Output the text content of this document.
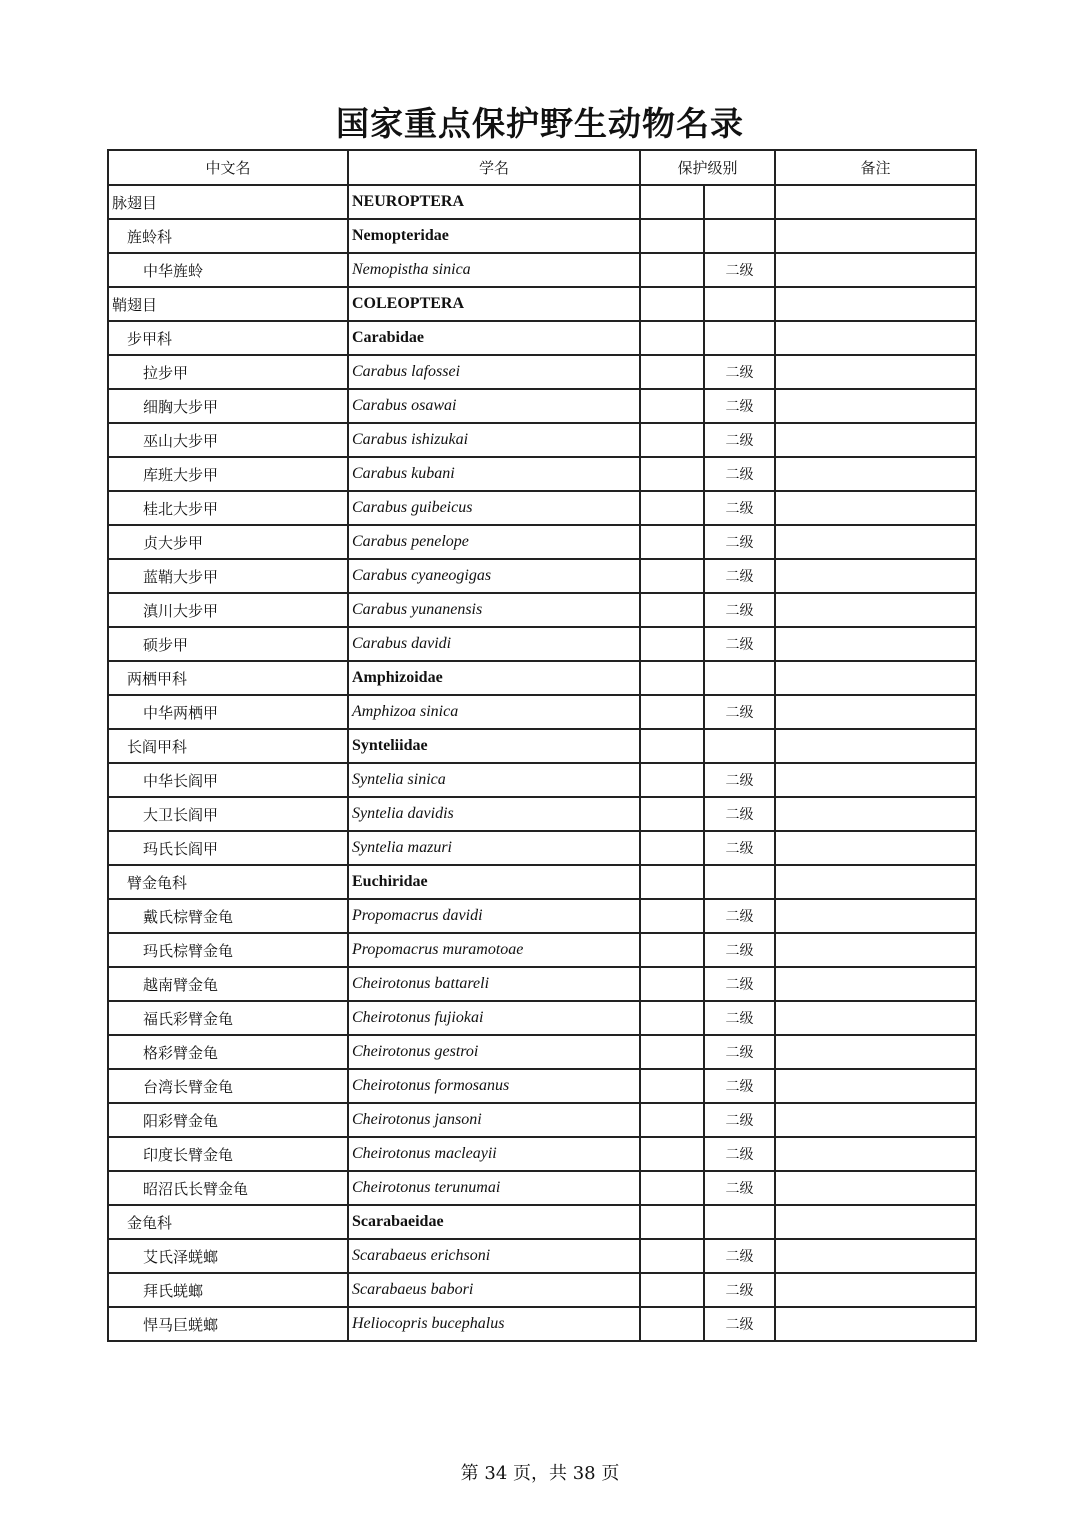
国家重点保护野生动物名录
中文名	学名	保护级别		备注
脉翅目	NEUROPTERA			
旌蛉科	Nemopteridae			
中华旌蛉	Nemopistha sinica		二级	
鞘翅目	COLEOPTERA			
步甲科	Carabidae			
拉步甲	Carabus lafossei		二级	
细胸大步甲	Carabus osawai		二级	
巫山大步甲	Carabus ishizukai		二级	
库班大步甲	Carabus kubani		二级	
桂北大步甲	Carabus guibeicus		二级	
贞大步甲	Carabus penelope		二级	
蓝鞘大步甲	Carabus cyaneogigas		二级	
滇川大步甲	Carabus yunanensis		二级	
硕步甲	Carabus davidi		二级	
两栖甲科	Amphizoidae			
中华两栖甲	Amphizoa sinica		二级	
长阎甲科	Synteliidae			
中华长阎甲	Syntelia sinica		二级	
大卫长阎甲	Syntelia davidis		二级	
玛氏长阎甲	Syntelia mazuri		二级	
臂金龟科	Euchiridae			
戴氏棕臂金龟	Propomacrus davidi		二级	
玛氏棕臂金龟	Propomacrus muramotoae		二级	
越南臂金龟	Cheirotonus battareli		二级	
福氏彩臂金龟	Cheirotonus fujiokai		二级	
格彩臂金龟	Cheirotonus gestroi		二级	
台湾长臂金龟	Cheirotonus formosanus		二级	
阳彩臂金龟	Cheirotonus jansoni		二级	
印度长臂金龟	Cheirotonus macleayii		二级	
昭沼氏长臂金龟	Cheirotonus terunumai		二级	
金龟科	Scarabaeidae			
艾氏泽蜣螂	Scarabaeus erichsoni		二级	
拜氏蜣螂	Scarabaeus babori		二级	
悍马巨蜣螂	Heliocopris bucephalus		二级	
第 34 页，共 38 页
